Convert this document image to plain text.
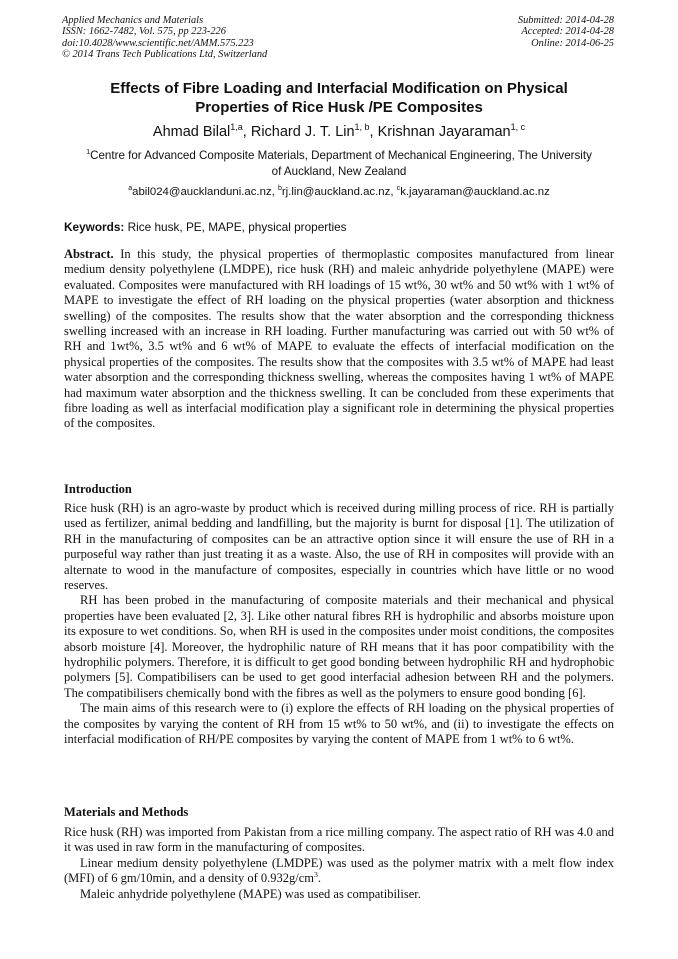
Applied Mechanics and Materials
ISSN: 1662-7482, Vol. 575, pp 223-226
doi:10.4028/www.scientific.net/AMM.575.223
© 2014 Trans Tech Publications Ltd, Switzerland
Submitted: 2014-04-28
Accepted: 2014-04-28
Online: 2014-06-25
Effects of Fibre Loading and Interfacial Modification on Physical
Properties of Rice Husk /PE Composites
Ahmad Bilal$^{1,a}$, Richard J. T. Lin$^{1, b}$, Krishnan Jayaraman$^{1, c}$
$^1$Centre for Advanced Composite Materials, Department of Mechanical Engineering, The University
of Auckland, New Zealand
$^a$abil024@aucklanduni.ac.nz, $^b$rj.lin@auckland.ac.nz, $^c$k.jayaraman@auckland.ac.nz
Keywords: Rice husk, PE, MAPE, physical properties

Abstract. In this study, the physical properties of thermoplastic composites manufactured from linear medium density polyethylene (LMDPE), rice husk (RH) and maleic anhydride polyethylene (MAPE) were evaluated. Composites were manufactured with RH loadings of 15 wt%, 30 wt% and 50 wt% with 1 wt% of MAPE to investigate the effect of RH loading on the physical properties (water absorption and thickness swelling) of the composites. The results show that the water absorption and the corresponding thickness swelling increased with an increase in RH loading. Further manufacturing was carried out with 50 wt% of RH and 1wt%, 3.5 wt% and 6 wt% of MAPE to evaluate the effects of interfacial modification on the physical properties of the composites. The results show that the composites with 3.5 wt% of MAPE had least water absorption and the corresponding thickness swelling, whereas the composites having 1 wt% of MAPE had maximum water absorption and the thickness swelling. It can be concluded from these experiments that fibre loading as well as interfacial modification play a significant role in determining the physical properties of the composites.

Introduction

Rice husk (RH) is an agro-waste by product which is received during milling process of rice. RH is partially used as fertilizer, animal bedding and landfilling, but the majority is burnt for disposal [1]. The utilization of RH in the manufacturing of composites can be an attractive option since it will ensure the use of RH in a purposeful way rather than just treating it as a waste. Also, the use of RH in composites will provide with an alternate to wood in the manufacture of composites, especially in countries which have little or no wood reserves.

RH has been probed in the manufacturing of composite materials and their mechanical and physical properties have been evaluated [2, 3]. Like other natural fibres RH is hydrophilic and absorbs moisture upon its exposure to wet conditions. So, when RH is used in the composites under moist conditions, the composites absorb moisture [4]. Moreover, the hydrophilic nature of RH means that it has poor compatibility with the hydrophilic polymers. Therefore, it is difficult to get good bonding between hydrophilic RH and hydrophobic polymers [5]. Compatibilisers can be used to get good interfacial adhesion between RH and the polymers. The compatibilisers chemically bond with the fibres as well as the polymers to ensure good bonding [6].

The main aims of this research were to (i) explore the effects of RH loading on the physical properties of the composites by varying the content of RH from 15 wt% to 50 wt%, and (ii) to investigate the effects on interfacial modification of RH/PE composites by varying the content of MAPE from 1 wt% to 6 wt%.

Materials and Methods

Rice husk (RH) was imported from Pakistan from a rice milling company. The aspect ratio of RH was 4.0 and it was used in raw form in the manufacturing of composites.

Linear medium density polyethylene (LMDPE) was used as the polymer matrix with a melt flow index (MFI) of 6 gm/10min, and a density of $0.932g/cm^3$.

Maleic anhydride polyethylene (MAPE) was used as compatibiliser.
